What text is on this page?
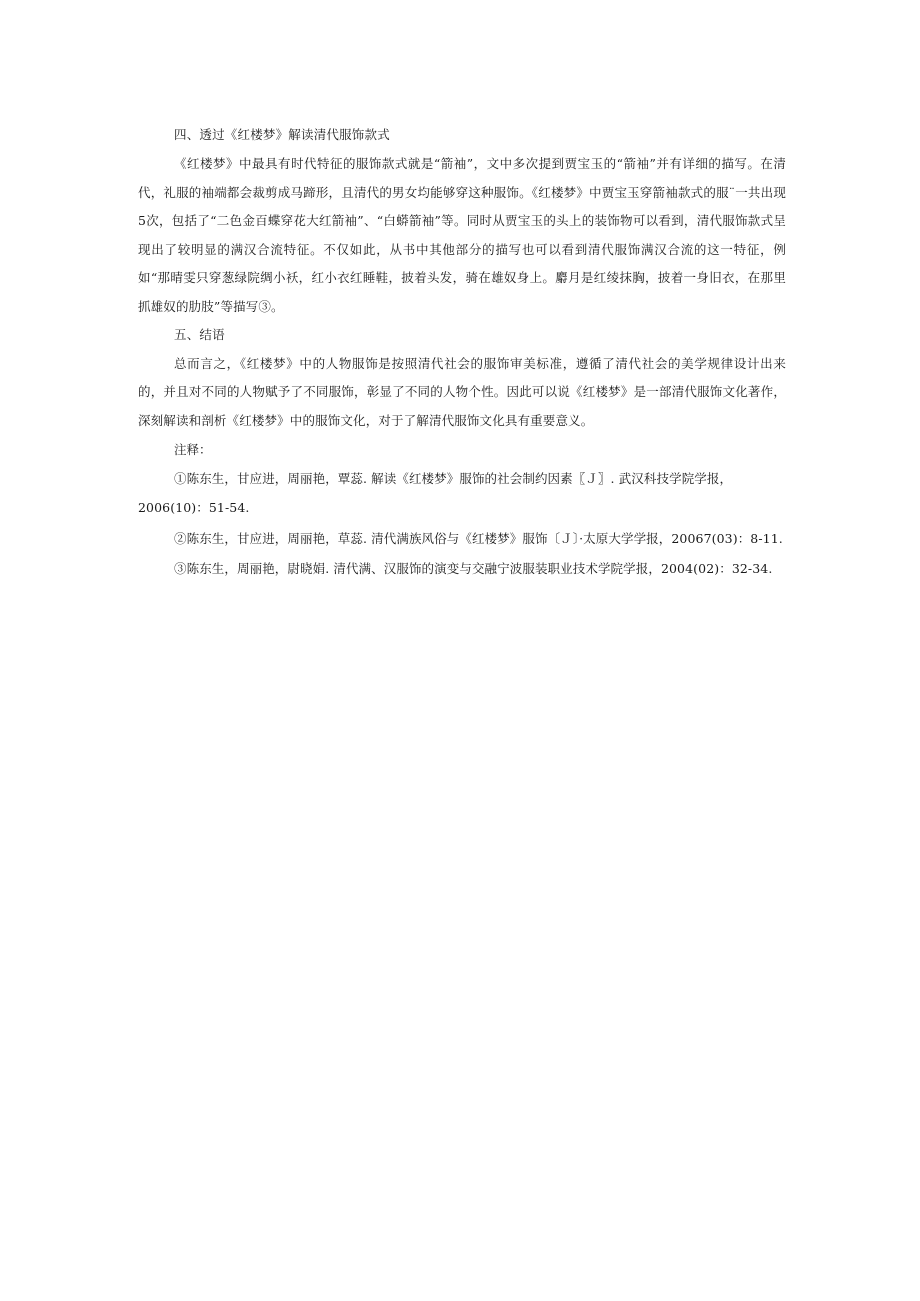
四、透过《红楼梦》解读清代服饰款式

《红楼梦》中最具有时代特征的服饰款式就是“箭袖”，文中多次提到贾宝玉的“箭袖”并有详细的描写。在清代，礼服的袖端都会裁剪成马蹄形，且清代的男女均能够穿这种服饰。《红楼梦》中贾宝玉穿箭袖款式的服¨一共出现5次，包括了“二色金百蝶穿花大红箭袖”、“白蟒箭袖”等。同时从贾宝玉的头上的装饰物可以看到，清代服饰款式呈现出了较明显的满汉合流特征。不仅如此，从书中其他部分的描写也可以看到清代服饰满汉合流的这一特征，例如“那晴雯只穿葱绿院绸小袄，红小衣红睡鞋，披着头发，骑在雄奴身上。麝月是红绫抹胸，披着一身旧衣，在那里抓雄奴的肋肢”等描写③。

五、结语

总而言之，《红楼梦》中的人物服饰是按照清代社会的服饰审美标准，遵循了清代社会的美学规律设计出来的，并且对不同的人物赋予了不同服饰，彰显了不同的人物个性。因此可以说《红楼梦》是一部清代服饰文化著作，深刻解读和剖析《红楼梦》中的服饰文化，对于了解清代服饰文化具有重要意义。

注释：

①陈东生，甘应进，周丽艳，覃蕊. 解读《红楼梦》服饰的社会制约因素〖Ｊ〗. 武汉科技学院学报，2006(10)：51-54.

②陈东生，甘应进，周丽艳，草蕊. 清代满族风俗与《红楼梦》服饰〔Ｊ〕·太原大学学报，20067(03)：8-11.

③陈东生，周丽艳，尉晓娟. 清代满、汉服饰的演变与交融宁波服装职业技术学院学报，2004(02)：32-34.
